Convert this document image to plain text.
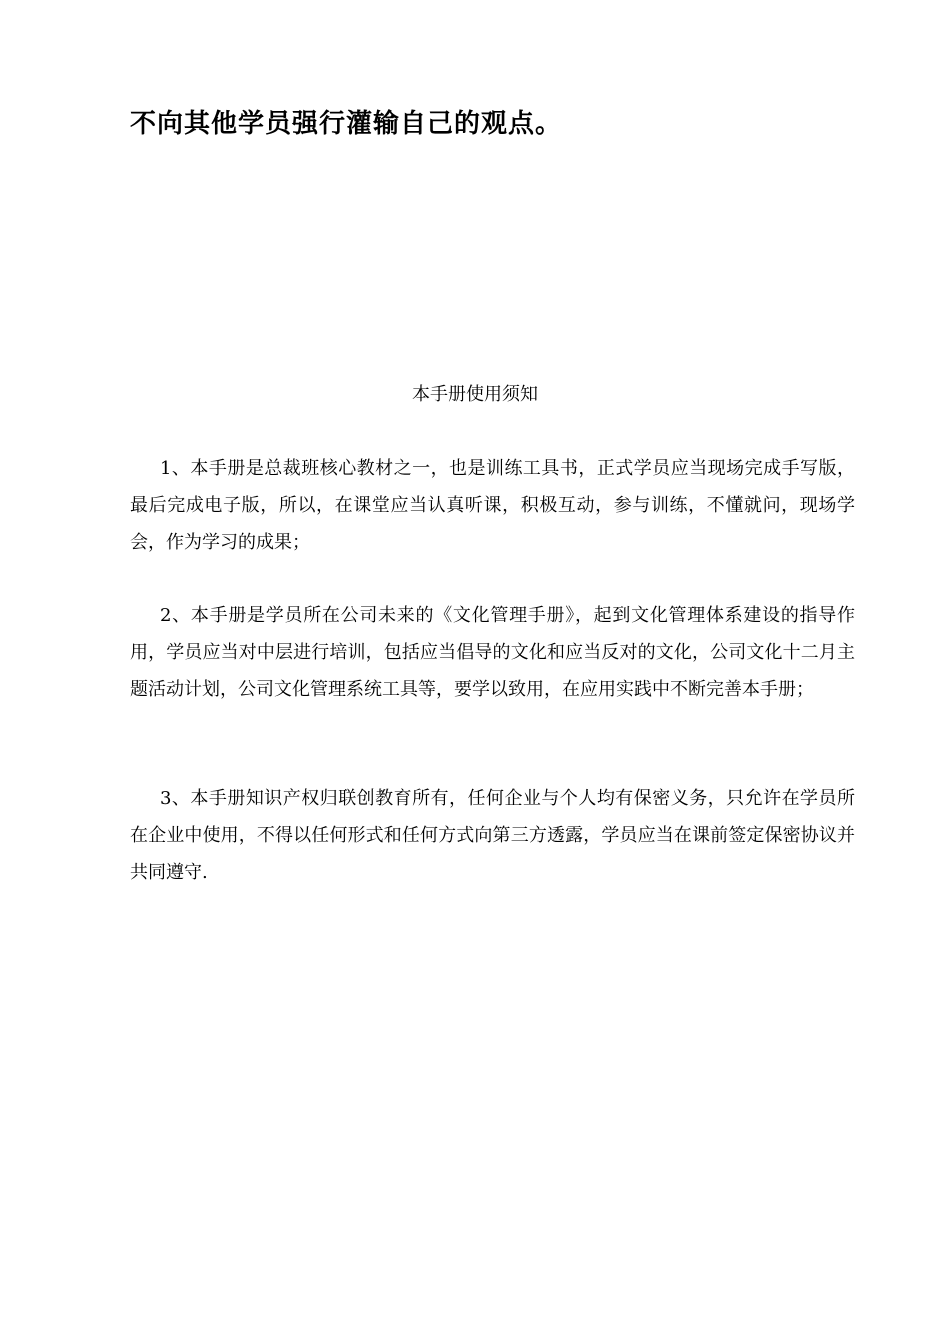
不向其他学员强行灌输自己的观点。
本手册使用须知
1、本手册是总裁班核心教材之一，也是训练工具书，正式学员应当现场完成手写版，最后完成电子版，所以，在课堂应当认真听课，积极互动，参与训练，不懂就问，现场学会，作为学习的成果；
2、本手册是学员所在公司未来的《文化管理手册》，起到文化管理体系建设的指导作用，学员应当对中层进行培训，包括应当倡导的文化和应当反对的文化，公司文化十二月主题活动计划，公司文化管理系统工具等，要学以致用，在应用实践中不断完善本手册；
3、本手册知识产权归联创教育所有，任何企业与个人均有保密义务，只允许在学员所在企业中使用，不得以任何形式和任何方式向第三方透露，学员应当在课前签定保密协议并共同遵守.
